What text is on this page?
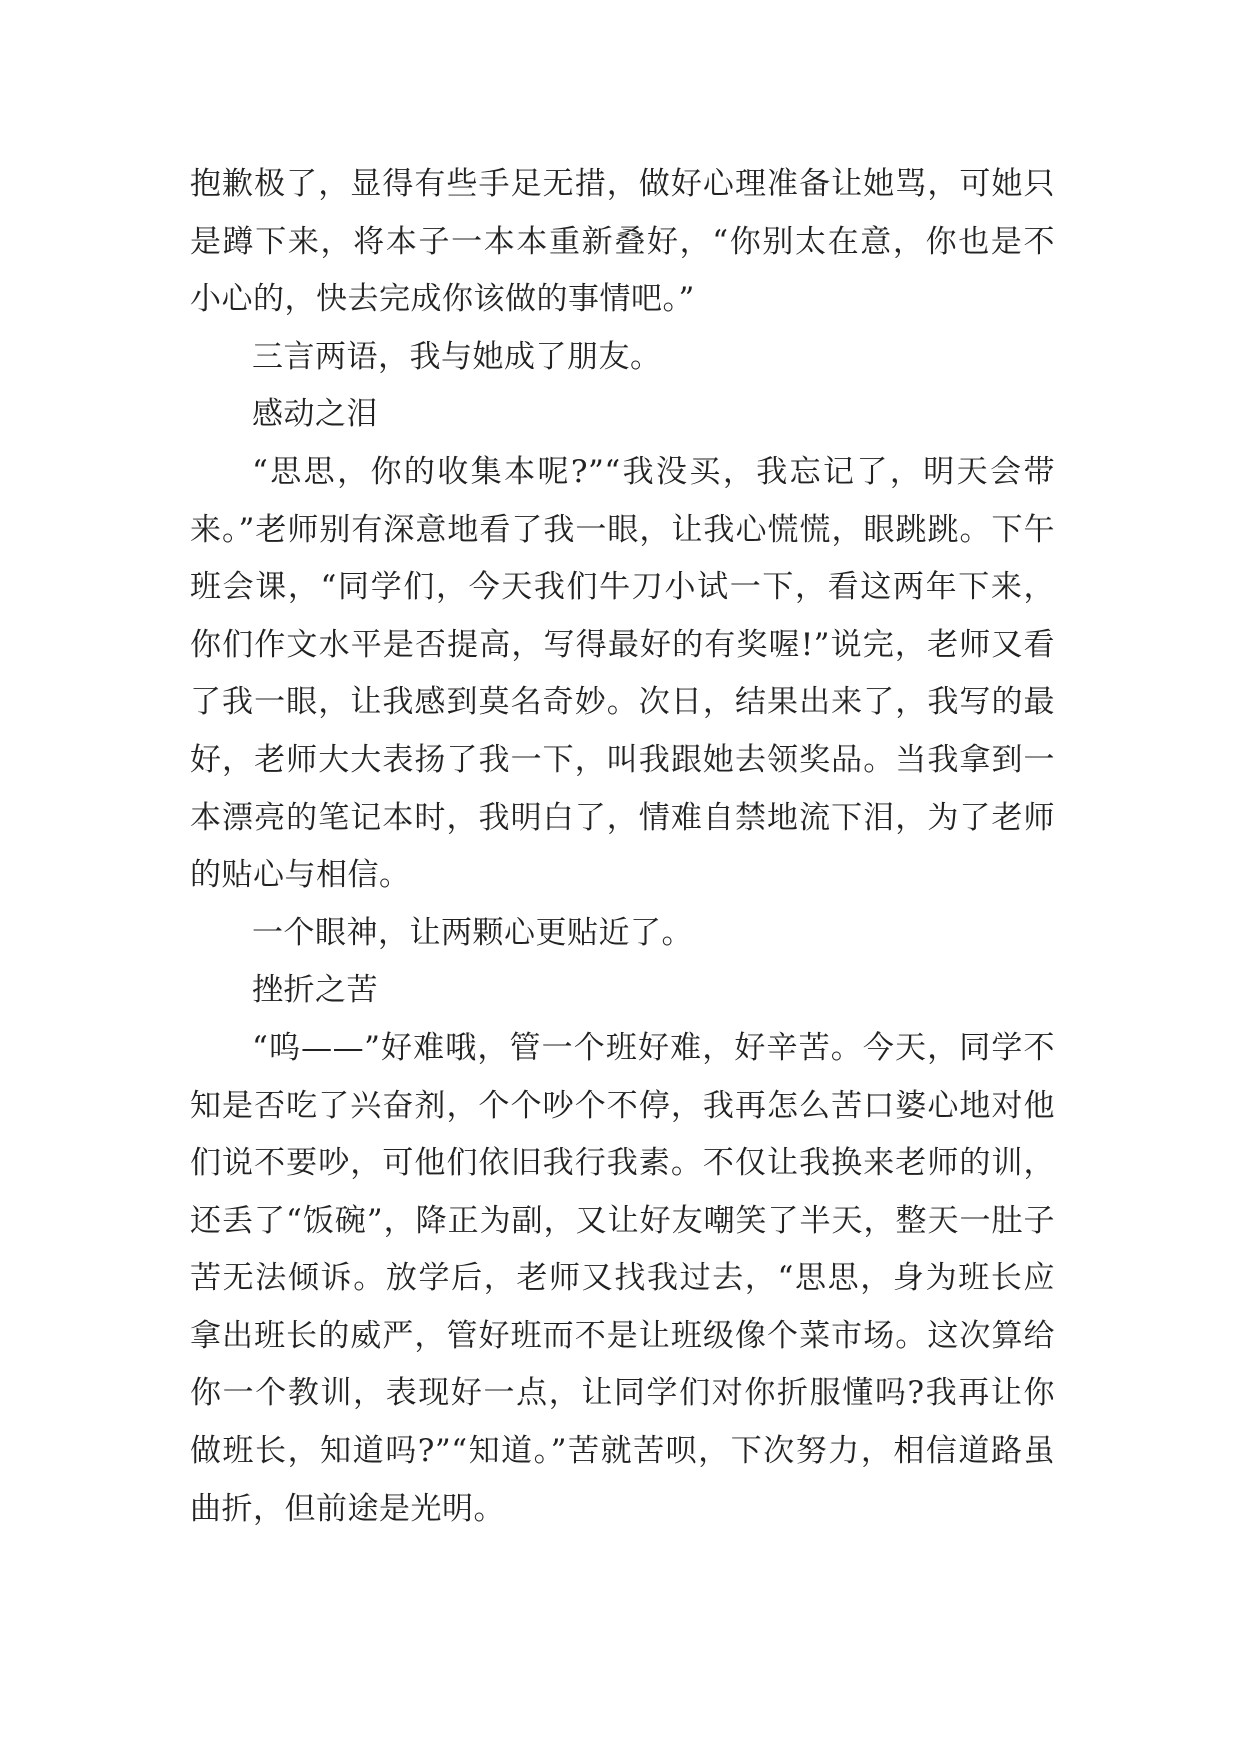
抱歉极了，显得有些手足无措，做好心理准备让她骂，可她只是蹲下来，将本子一本本重新叠好，“你别太在意，你也是不小心的，快去完成你该做的事情吧。”

三言两语，我与她成了朋友。

感动之泪

“思思，你的收集本呢?”“我没买，我忘记了，明天会带来。”老师别有深意地看了我一眼，让我心慌慌，眼跳跳。下午班会课，“同学们，今天我们牛刀小试一下，看这两年下来，你们作文水平是否提高，写得最好的有奖喔!”说完，老师又看了我一眼，让我感到莫名奇妙。次日，结果出来了，我写的最好，老师大大表扬了我一下，叫我跟她去领奖品。当我拿到一本漂亮的笔记本时，我明白了，情难自禁地流下泪，为了老师的贴心与相信。

一个眼神，让两颗心更贴近了。

挫折之苦

“呜——”好难哦，管一个班好难，好辛苦。今天，同学不知是否吃了兴奋剂，个个吵个不停，我再怎么苦口婆心地对他们说不要吵，可他们依旧我行我素。不仅让我换来老师的训，还丢了“饭碗”，降正为副，又让好友嘲笑了半天，整天一肚子苦无法倾诉。放学后，老师又找我过去，“思思，身为班长应拿出班长的威严，管好班而不是让班级像个菜市场。这次算给你一个教训，表现好一点，让同学们对你折服懂吗?我再让你做班长，知道吗?”“知道。”苦就苦呗，下次努力，相信道路虽曲折，但前途是光明。
